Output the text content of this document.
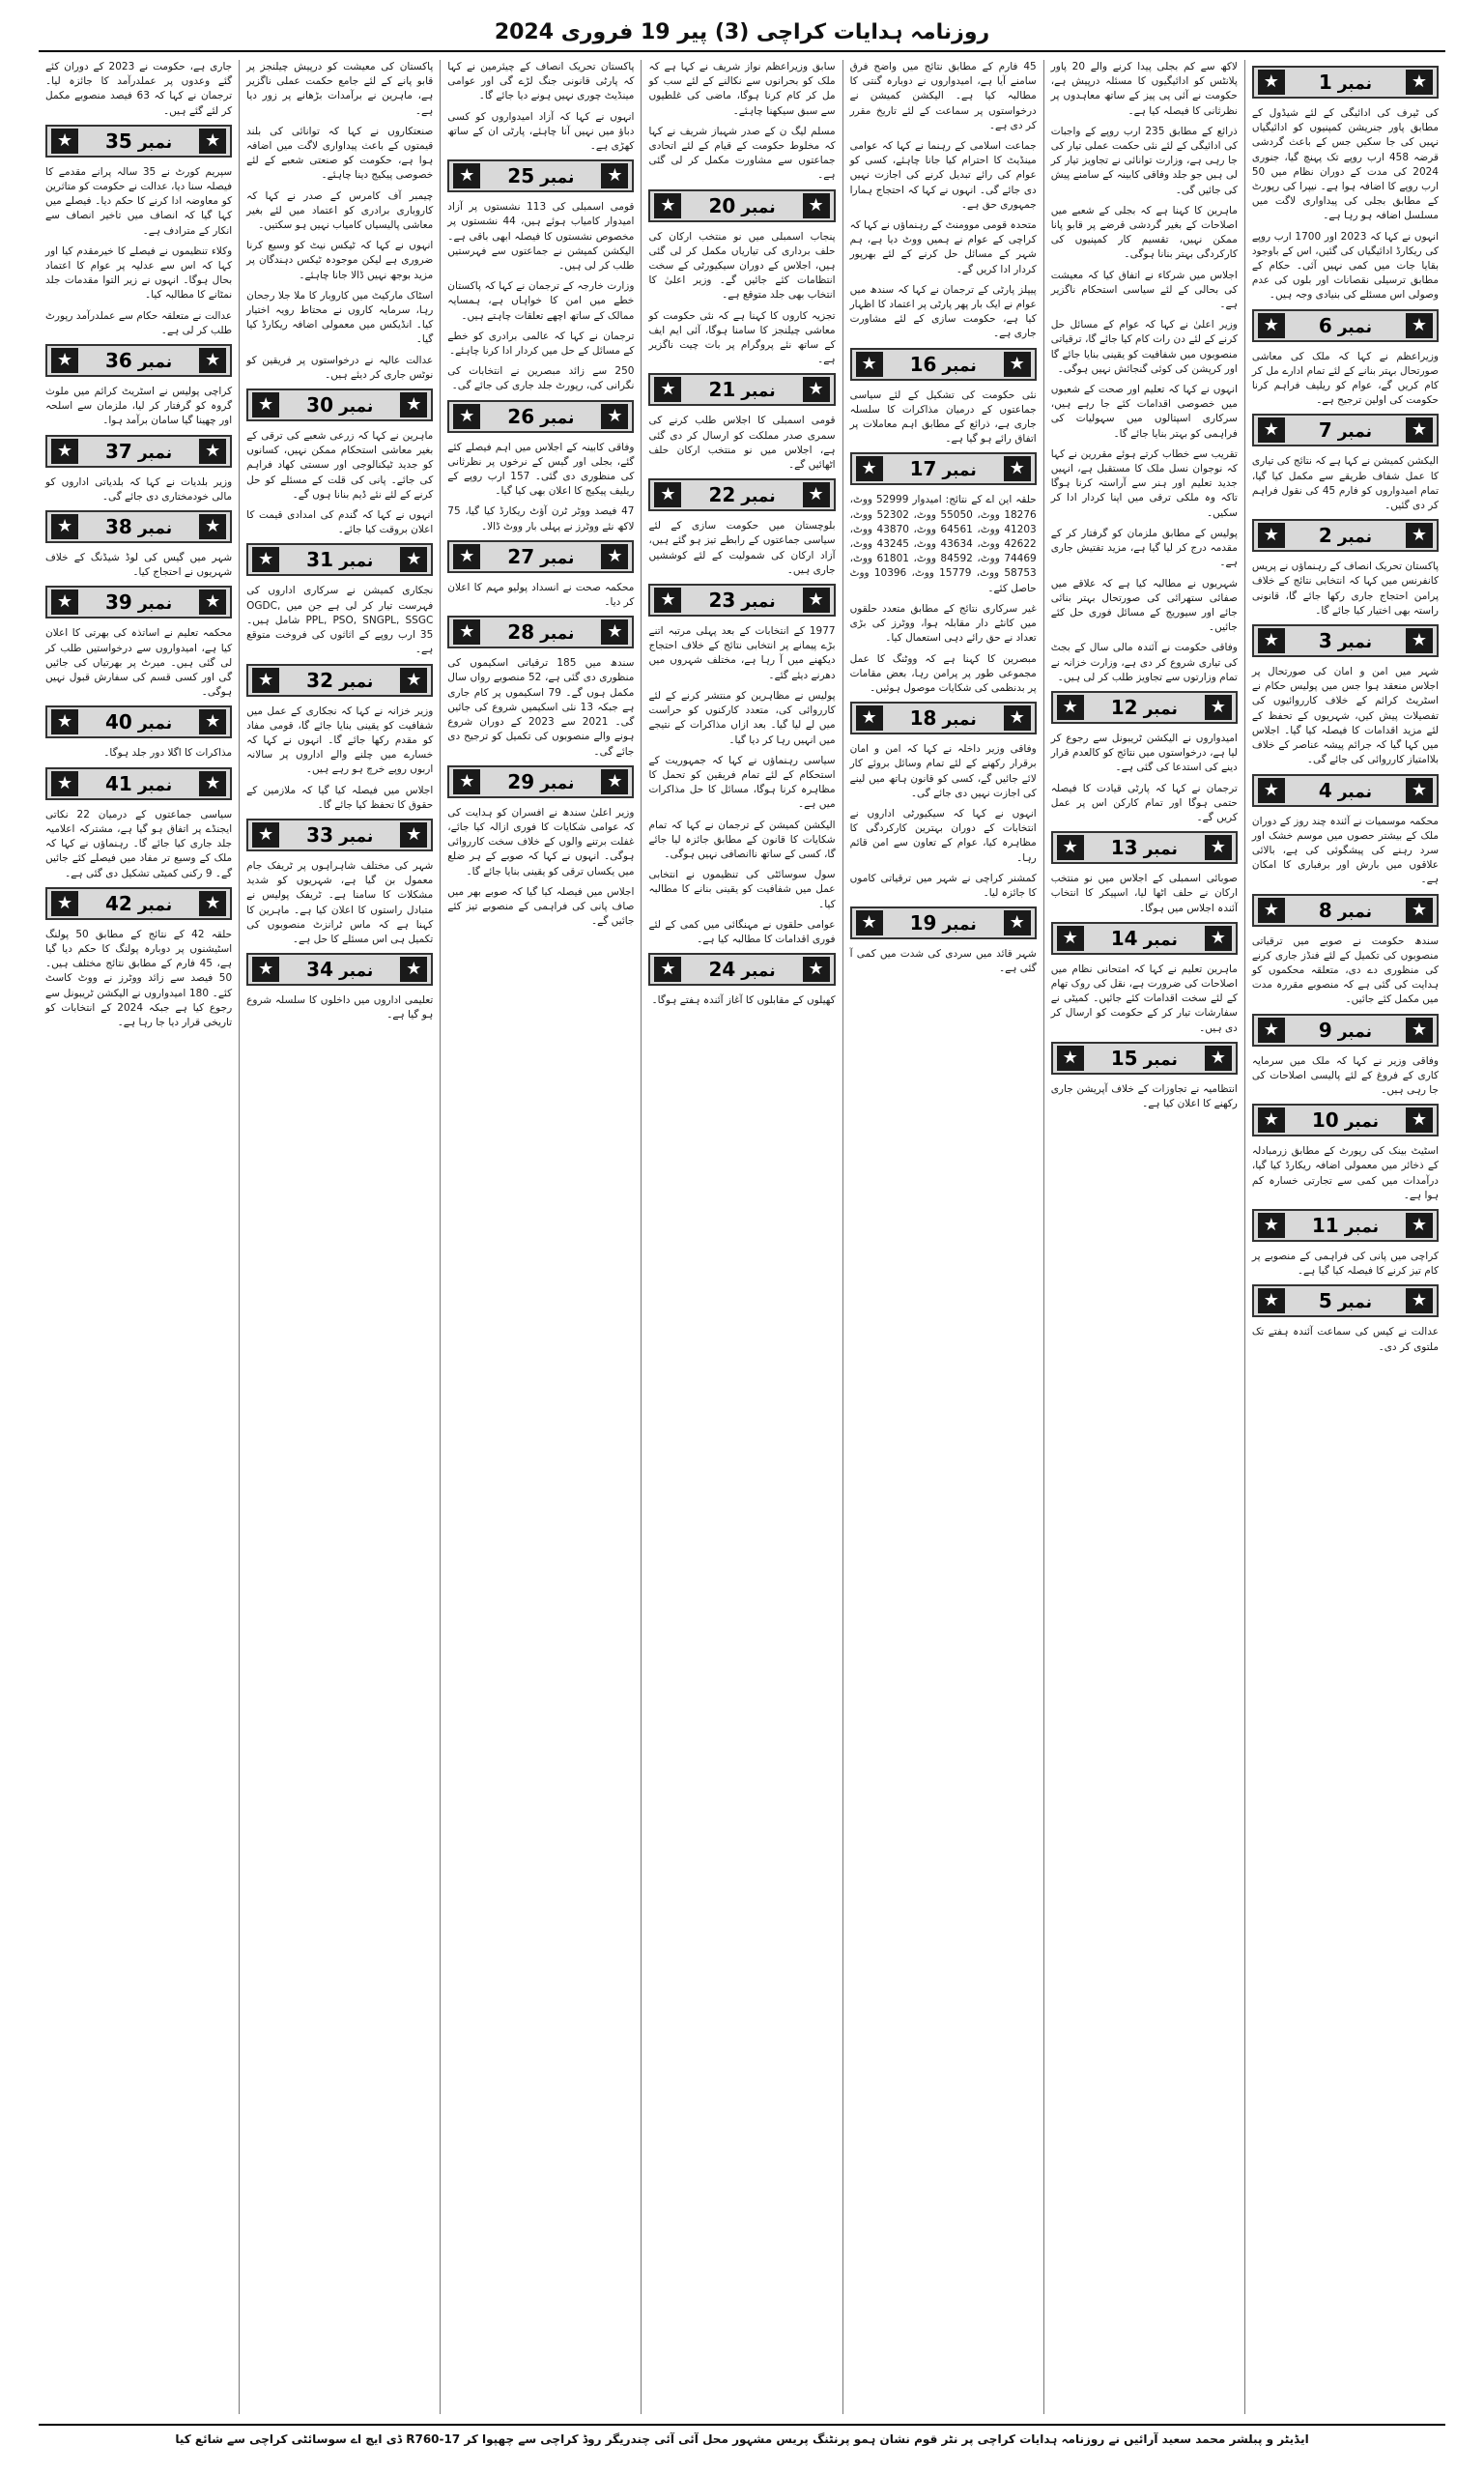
روزنامہ ہدایات کراچی (3) پیر 19 فروری 2024
★	نمبر1	★

کی ٹیرف کی ادائیگی کے لئے شیڈول کے مطابق پاور جنریشن کمپنیوں کو ادائیگیاں نہیں کی جا سکیں جس کے باعث گردشی قرضہ 458 ارب روپے تک پہنچ گیا، جنوری 2024 کی مدت کے دوران نظام میں 50 ارب روپے کا اضافہ ہوا ہے۔ نیپرا کی رپورٹ کے مطابق بجلی کی پیداواری لاگت میں مسلسل اضافہ ہو رہا ہے۔

انہوں نے کہا کہ 2023 اور 1700 ارب روپے کی ریکارڈ ادائیگیاں کی گئیں، اس کے باوجود بقایا جات میں کمی نہیں آئی۔ حکام کے مطابق ترسیلی نقصانات اور بلوں کی عدم وصولی اس مسئلے کی بنیادی وجہ ہیں۔

★	نمبر6	★

وزیراعظم نے کہا کہ ملک کی معاشی صورتحال بہتر بنانے کے لئے تمام ادارے مل کر کام کریں گے، عوام کو ریلیف فراہم کرنا حکومت کی اولین ترجیح ہے۔

★	نمبر7	★

الیکشن کمیشن نے کہا ہے کہ نتائج کی تیاری کا عمل شفاف طریقے سے مکمل کیا گیا، تمام امیدواروں کو فارم 45 کی نقول فراہم کر دی گئیں۔

★	نمبر2	★

پاکستان تحریک انصاف کے رہنماؤں نے پریس کانفرنس میں کہا کہ انتخابی نتائج کے خلاف پرامن احتجاج جاری رکھا جائے گا، قانونی راستہ بھی اختیار کیا جائے گا۔

★	نمبر3	★

شہر میں امن و امان کی صورتحال پر اجلاس منعقد ہوا جس میں پولیس حکام نے اسٹریٹ کرائم کے خلاف کارروائیوں کی تفصیلات پیش کیں، شہریوں کے تحفظ کے لئے مزید اقدامات کا فیصلہ کیا گیا۔ اجلاس میں کہا گیا کہ جرائم پیشہ عناصر کے خلاف بلاامتیاز کارروائی کی جائے گی۔

★	نمبر4	★

محکمہ موسمیات نے آئندہ چند روز کے دوران ملک کے بیشتر حصوں میں موسم خشک اور سرد رہنے کی پیشگوئی کی ہے، بالائی علاقوں میں بارش اور برفباری کا امکان ہے۔

★	نمبر8	★

سندھ حکومت نے صوبے میں ترقیاتی منصوبوں کی تکمیل کے لئے فنڈز جاری کرنے کی منظوری دے دی، متعلقہ محکموں کو ہدایت کی گئی ہے کہ منصوبے مقررہ مدت میں مکمل کئے جائیں۔

★	نمبر9	★

وفاقی وزیر نے کہا کہ ملک میں سرمایہ کاری کے فروغ کے لئے پالیسی اصلاحات کی جا رہی ہیں۔

★	نمبر10	★

اسٹیٹ بینک کی رپورٹ کے مطابق زرمبادلہ کے ذخائر میں معمولی اضافہ ریکارڈ کیا گیا، درآمدات میں کمی سے تجارتی خسارہ کم ہوا ہے۔

★	نمبر11	★

کراچی میں پانی کی فراہمی کے منصوبے پر کام تیز کرنے کا فیصلہ کیا گیا ہے۔

★	نمبر5	★

عدالت نے کیس کی سماعت آئندہ ہفتے تک ملتوی کر دی۔

لاکھ سے کم بجلی پیدا کرنے والے 20 پاور پلانٹس کو ادائیگیوں کا مسئلہ درپیش ہے، حکومت نے آئی پی پیز کے ساتھ معاہدوں پر نظرثانی کا فیصلہ کیا ہے۔

ذرائع کے مطابق 235 ارب روپے کے واجبات کی ادائیگی کے لئے نئی حکمت عملی تیار کی جا رہی ہے، وزارت توانائی نے تجاویز تیار کر لی ہیں جو جلد وفاقی کابینہ کے سامنے پیش کی جائیں گی۔

ماہرین کا کہنا ہے کہ بجلی کے شعبے میں اصلاحات کے بغیر گردشی قرضے پر قابو پانا ممکن نہیں، تقسیم کار کمپنیوں کی کارکردگی بہتر بنانا ہوگی۔

اجلاس میں شرکاء نے اتفاق کیا کہ معیشت کی بحالی کے لئے سیاسی استحکام ناگزیر ہے۔

وزیر اعلیٰ نے کہا کہ عوام کے مسائل حل کرنے کے لئے دن رات کام کیا جائے گا، ترقیاتی منصوبوں میں شفافیت کو یقینی بنایا جائے گا اور کرپشن کی کوئی گنجائش نہیں ہوگی۔

انہوں نے کہا کہ تعلیم اور صحت کے شعبوں میں خصوصی اقدامات کئے جا رہے ہیں، سرکاری اسپتالوں میں سہولیات کی فراہمی کو بہتر بنایا جائے گا۔

تقریب سے خطاب کرتے ہوئے مقررین نے کہا کہ نوجوان نسل ملک کا مستقبل ہے، انہیں جدید تعلیم اور ہنر سے آراستہ کرنا ہوگا تاکہ وہ ملکی ترقی میں اپنا کردار ادا کر سکیں۔

پولیس کے مطابق ملزمان کو گرفتار کر کے مقدمہ درج کر لیا گیا ہے، مزید تفتیش جاری ہے۔

شہریوں نے مطالبہ کیا ہے کہ علاقے میں صفائی ستھرائی کی صورتحال بہتر بنائی جائے اور سیوریج کے مسائل فوری حل کئے جائیں۔

وفاقی حکومت نے آئندہ مالی سال کے بجٹ کی تیاری شروع کر دی ہے، وزارت خزانہ نے تمام وزارتوں سے تجاویز طلب کر لی ہیں۔

★	نمبر12	★

امیدواروں نے الیکشن ٹریبونل سے رجوع کر لیا ہے، درخواستوں میں نتائج کو کالعدم قرار دینے کی استدعا کی گئی ہے۔

ترجمان نے کہا کہ پارٹی قیادت کا فیصلہ حتمی ہوگا اور تمام کارکن اس پر عمل کریں گے۔

★	نمبر13	★

صوبائی اسمبلی کے اجلاس میں نو منتخب ارکان نے حلف اٹھا لیا، اسپیکر کا انتخاب آئندہ اجلاس میں ہوگا۔

★	نمبر14	★

ماہرین تعلیم نے کہا کہ امتحانی نظام میں اصلاحات کی ضرورت ہے، نقل کی روک تھام کے لئے سخت اقدامات کئے جائیں۔ کمیٹی نے سفارشات تیار کر کے حکومت کو ارسال کر دی ہیں۔

★	نمبر15	★

انتظامیہ نے تجاوزات کے خلاف آپریشن جاری رکھنے کا اعلان کیا ہے۔

45 فارم کے مطابق نتائج میں واضح فرق سامنے آیا ہے، امیدواروں نے دوبارہ گنتی کا مطالبہ کیا ہے۔ الیکشن کمیشن نے درخواستوں پر سماعت کے لئے تاریخ مقرر کر دی ہے۔

جماعت اسلامی کے رہنما نے کہا کہ عوامی مینڈیٹ کا احترام کیا جانا چاہئے، کسی کو عوام کی رائے تبدیل کرنے کی اجازت نہیں دی جائے گی۔ انہوں نے کہا کہ احتجاج ہمارا جمہوری حق ہے۔

متحدہ قومی موومنٹ کے رہنماؤں نے کہا کہ کراچی کے عوام نے ہمیں ووٹ دیا ہے، ہم شہر کے مسائل حل کرنے کے لئے بھرپور کردار ادا کریں گے۔

پیپلز پارٹی کے ترجمان نے کہا کہ سندھ میں عوام نے ایک بار پھر پارٹی پر اعتماد کا اظہار کیا ہے، حکومت سازی کے لئے مشاورت جاری ہے۔

★	نمبر16	★

نئی حکومت کی تشکیل کے لئے سیاسی جماعتوں کے درمیان مذاکرات کا سلسلہ جاری ہے، ذرائع کے مطابق اہم معاملات پر اتفاق رائے ہو گیا ہے۔

★	نمبر17	★

حلقہ این اے کے نتائج: امیدوار 52999 ووٹ، 18276 ووٹ، 55050 ووٹ، 52302 ووٹ، 41203 ووٹ، 64561 ووٹ، 43870 ووٹ، 42622 ووٹ، 43634 ووٹ، 43245 ووٹ، 74469 ووٹ، 84592 ووٹ، 61801 ووٹ، 58753 ووٹ، 15779 ووٹ، 10396 ووٹ حاصل کئے۔

غیر سرکاری نتائج کے مطابق متعدد حلقوں میں کانٹے دار مقابلہ ہوا، ووٹرز کی بڑی تعداد نے حق رائے دہی استعمال کیا۔

مبصرین کا کہنا ہے کہ ووٹنگ کا عمل مجموعی طور پر پرامن رہا، بعض مقامات پر بدنظمی کی شکایات موصول ہوئیں۔

★	نمبر18	★

وفاقی وزیر داخلہ نے کہا کہ امن و امان برقرار رکھنے کے لئے تمام وسائل بروئے کار لائے جائیں گے، کسی کو قانون ہاتھ میں لینے کی اجازت نہیں دی جائے گی۔

انہوں نے کہا کہ سیکیورٹی اداروں نے انتخابات کے دوران بہترین کارکردگی کا مظاہرہ کیا، عوام کے تعاون سے امن قائم رہا۔

کمشنر کراچی نے شہر میں ترقیاتی کاموں کا جائزہ لیا۔

★	نمبر19	★

شہر قائد میں سردی کی شدت میں کمی آ گئی ہے۔

سابق وزیراعظم نواز شریف نے کہا ہے کہ ملک کو بحرانوں سے نکالنے کے لئے سب کو مل کر کام کرنا ہوگا، ماضی کی غلطیوں سے سبق سیکھنا چاہئے۔

مسلم لیگ ن کے صدر شہباز شریف نے کہا کہ مخلوط حکومت کے قیام کے لئے اتحادی جماعتوں سے مشاورت مکمل کر لی گئی ہے۔

★	نمبر20	★

پنجاب اسمبلی میں نو منتخب ارکان کی حلف برداری کی تیاریاں مکمل کر لی گئی ہیں، اجلاس کے دوران سیکیورٹی کے سخت انتظامات کئے جائیں گے۔ وزیر اعلیٰ کا انتخاب بھی جلد متوقع ہے۔

تجزیہ کاروں کا کہنا ہے کہ نئی حکومت کو معاشی چیلنجز کا سامنا ہوگا، آئی ایم ایف کے ساتھ نئے پروگرام پر بات چیت ناگزیر ہے۔

★	نمبر21	★

قومی اسمبلی کا اجلاس طلب کرنے کی سمری صدر مملکت کو ارسال کر دی گئی ہے، اجلاس میں نو منتخب ارکان حلف اٹھائیں گے۔

★	نمبر22	★

بلوچستان میں حکومت سازی کے لئے سیاسی جماعتوں کے رابطے تیز ہو گئے ہیں، آزاد ارکان کی شمولیت کے لئے کوششیں جاری ہیں۔

★	نمبر23	★

1977 کے انتخابات کے بعد پہلی مرتبہ اتنے بڑے پیمانے پر انتخابی نتائج کے خلاف احتجاج دیکھنے میں آ رہا ہے، مختلف شہروں میں دھرنے دیئے گئے۔

پولیس نے مظاہرین کو منتشر کرنے کے لئے کارروائی کی، متعدد کارکنوں کو حراست میں لے لیا گیا۔ بعد ازاں مذاکرات کے نتیجے میں انہیں رہا کر دیا گیا۔

سیاسی رہنماؤں نے کہا کہ جمہوریت کے استحکام کے لئے تمام فریقین کو تحمل کا مظاہرہ کرنا ہوگا، مسائل کا حل مذاکرات میں ہے۔

الیکشن کمیشن کے ترجمان نے کہا کہ تمام شکایات کا قانون کے مطابق جائزہ لیا جائے گا، کسی کے ساتھ ناانصافی نہیں ہوگی۔

سول سوسائٹی کی تنظیموں نے انتخابی عمل میں شفافیت کو یقینی بنانے کا مطالبہ کیا۔

عوامی حلقوں نے مہنگائی میں کمی کے لئے فوری اقدامات کا مطالبہ کیا ہے۔

★	نمبر24	★

کھیلوں کے مقابلوں کا آغاز آئندہ ہفتے ہوگا۔

پاکستان تحریک انصاف کے چیئرمین نے کہا کہ پارٹی قانونی جنگ لڑے گی اور عوامی مینڈیٹ چوری نہیں ہونے دیا جائے گا۔

انہوں نے کہا کہ آزاد امیدواروں کو کسی دباؤ میں نہیں آنا چاہئے، پارٹی ان کے ساتھ کھڑی ہے۔

★	نمبر25	★

قومی اسمبلی کی 113 نشستوں پر آزاد امیدوار کامیاب ہوئے ہیں، 44 نشستوں پر مخصوص نشستوں کا فیصلہ ابھی باقی ہے۔ الیکشن کمیشن نے جماعتوں سے فہرستیں طلب کر لی ہیں۔

وزارت خارجہ کے ترجمان نے کہا کہ پاکستان خطے میں امن کا خواہاں ہے، ہمسایہ ممالک کے ساتھ اچھے تعلقات چاہتے ہیں۔

ترجمان نے کہا کہ عالمی برادری کو خطے کے مسائل کے حل میں کردار ادا کرنا چاہئے۔

250 سے زائد مبصرین نے انتخابات کی نگرانی کی، رپورٹ جلد جاری کی جائے گی۔

★	نمبر26	★

وفاقی کابینہ کے اجلاس میں اہم فیصلے کئے گئے، بجلی اور گیس کے نرخوں پر نظرثانی کی منظوری دی گئی۔ 157 ارب روپے کے ریلیف پیکیج کا اعلان بھی کیا گیا۔

47 فیصد ووٹر ٹرن آؤٹ ریکارڈ کیا گیا، 75 لاکھ نئے ووٹرز نے پہلی بار ووٹ ڈالا۔

★	نمبر27	★

محکمہ صحت نے انسداد پولیو مہم کا اعلان کر دیا۔

★	نمبر28	★

سندھ میں 185 ترقیاتی اسکیموں کی منظوری دی گئی ہے، 52 منصوبے رواں سال مکمل ہوں گے۔ 79 اسکیموں پر کام جاری ہے جبکہ 13 نئی اسکیمیں شروع کی جائیں گی۔ 2021 سے 2023 کے دوران شروع ہونے والے منصوبوں کی تکمیل کو ترجیح دی جائے گی۔

★	نمبر29	★

وزیر اعلیٰ سندھ نے افسران کو ہدایت کی کہ عوامی شکایات کا فوری ازالہ کیا جائے، غفلت برتنے والوں کے خلاف سخت کارروائی ہوگی۔ انہوں نے کہا کہ صوبے کے ہر ضلع میں یکساں ترقی کو یقینی بنایا جائے گا۔

اجلاس میں فیصلہ کیا گیا کہ صوبے بھر میں صاف پانی کی فراہمی کے منصوبے تیز کئے جائیں گے۔

پاکستان کی معیشت کو درپیش چیلنجز پر قابو پانے کے لئے جامع حکمت عملی ناگزیر ہے، ماہرین نے برآمدات بڑھانے پر زور دیا ہے۔

صنعتکاروں نے کہا کہ توانائی کی بلند قیمتوں کے باعث پیداواری لاگت میں اضافہ ہوا ہے، حکومت کو صنعتی شعبے کے لئے خصوصی پیکیج دینا چاہئے۔

چیمبر آف کامرس کے صدر نے کہا کہ کاروباری برادری کو اعتماد میں لئے بغیر معاشی پالیسیاں کامیاب نہیں ہو سکتیں۔

انہوں نے کہا کہ ٹیکس نیٹ کو وسیع کرنا ضروری ہے لیکن موجودہ ٹیکس دہندگان پر مزید بوجھ نہیں ڈالا جانا چاہئے۔

اسٹاک مارکیٹ میں کاروبار کا ملا جلا رجحان رہا، سرمایہ کاروں نے محتاط رویہ اختیار کیا۔ انڈیکس میں معمولی اضافہ ریکارڈ کیا گیا۔

عدالت عالیہ نے درخواستوں پر فریقین کو نوٹس جاری کر دیئے ہیں۔

★	نمبر30	★

ماہرین نے کہا کہ زرعی شعبے کی ترقی کے بغیر معاشی استحکام ممکن نہیں، کسانوں کو جدید ٹیکنالوجی اور سستی کھاد فراہم کی جائے۔ پانی کی قلت کے مسئلے کو حل کرنے کے لئے نئے ڈیم بنانا ہوں گے۔

انہوں نے کہا کہ گندم کی امدادی قیمت کا اعلان بروقت کیا جائے۔

★	نمبر31	★

نجکاری کمیشن نے سرکاری اداروں کی فہرست تیار کر لی ہے جن میں OGDC, PPL, PSO, SNGPL, SSGC شامل ہیں۔ 35 ارب روپے کے اثاثوں کی فروخت متوقع ہے۔

★	نمبر32	★

وزیر خزانہ نے کہا کہ نجکاری کے عمل میں شفافیت کو یقینی بنایا جائے گا، قومی مفاد کو مقدم رکھا جائے گا۔ انہوں نے کہا کہ خسارے میں چلنے والے اداروں پر سالانہ اربوں روپے خرچ ہو رہے ہیں۔

اجلاس میں فیصلہ کیا گیا کہ ملازمین کے حقوق کا تحفظ کیا جائے گا۔

★	نمبر33	★

شہر کی مختلف شاہراہوں پر ٹریفک جام معمول بن گیا ہے، شہریوں کو شدید مشکلات کا سامنا ہے۔ ٹریفک پولیس نے متبادل راستوں کا اعلان کیا ہے۔ ماہرین کا کہنا ہے کہ ماس ٹرانزٹ منصوبوں کی تکمیل ہی اس مسئلے کا حل ہے۔

★	نمبر34	★

تعلیمی اداروں میں داخلوں کا سلسلہ شروع ہو گیا ہے۔

جاری ہے، حکومت نے 2023 کے دوران کئے گئے وعدوں پر عملدرآمد کا جائزہ لیا۔ ترجمان نے کہا کہ 63 فیصد منصوبے مکمل کر لئے گئے ہیں۔

★	نمبر35	★

سپریم کورٹ نے 35 سالہ پرانے مقدمے کا فیصلہ سنا دیا، عدالت نے حکومت کو متاثرین کو معاوضہ ادا کرنے کا حکم دیا۔ فیصلے میں کہا گیا کہ انصاف میں تاخیر انصاف سے انکار کے مترادف ہے۔

وکلاء تنظیموں نے فیصلے کا خیرمقدم کیا اور کہا کہ اس سے عدلیہ پر عوام کا اعتماد بحال ہوگا۔ انہوں نے زیر التوا مقدمات جلد نمٹانے کا مطالبہ کیا۔

عدالت نے متعلقہ حکام سے عملدرآمد رپورٹ طلب کر لی ہے۔

★	نمبر36	★

کراچی پولیس نے اسٹریٹ کرائم میں ملوث گروہ کو گرفتار کر لیا، ملزمان سے اسلحہ اور چھینا گیا سامان برآمد ہوا۔

★	نمبر37	★

وزیر بلدیات نے کہا کہ بلدیاتی اداروں کو مالی خودمختاری دی جائے گی۔

★	نمبر38	★

شہر میں گیس کی لوڈ شیڈنگ کے خلاف شہریوں نے احتجاج کیا۔

★	نمبر39	★

محکمہ تعلیم نے اساتذہ کی بھرتی کا اعلان کیا ہے، امیدواروں سے درخواستیں طلب کر لی گئی ہیں۔ میرٹ پر بھرتیاں کی جائیں گی اور کسی قسم کی سفارش قبول نہیں ہوگی۔

★	نمبر40	★

مذاکرات کا اگلا دور جلد ہوگا۔

★	نمبر41	★

سیاسی جماعتوں کے درمیان 22 نکاتی ایجنڈے پر اتفاق ہو گیا ہے، مشترکہ اعلامیہ جلد جاری کیا جائے گا۔ رہنماؤں نے کہا کہ ملک کے وسیع تر مفاد میں فیصلے کئے جائیں گے۔ 9 رکنی کمیٹی تشکیل دی گئی ہے۔

★	نمبر42	★

حلقہ 42 کے نتائج کے مطابق 50 پولنگ اسٹیشنوں پر دوبارہ پولنگ کا حکم دیا گیا ہے، 45 فارم کے مطابق نتائج مختلف ہیں۔ 50 فیصد سے زائد ووٹرز نے ووٹ کاسٹ کئے۔ 180 امیدواروں نے الیکشن ٹریبونل سے رجوع کیا ہے جبکہ 2024 کے انتخابات کو تاریخی قرار دیا جا رہا ہے۔

ایڈیٹر و پبلشر محمد سعید آرائیں نے روزنامہ ہدایات کراچی پر نٹر قوم نشان ہمو پرنٹنگ پریس مشہور محل آئی آئی چندریگر روڈ کراچی سے چھپوا کر R760-17 ڈی ایچ اے سوسائٹی کراچی سے شائع کیا
